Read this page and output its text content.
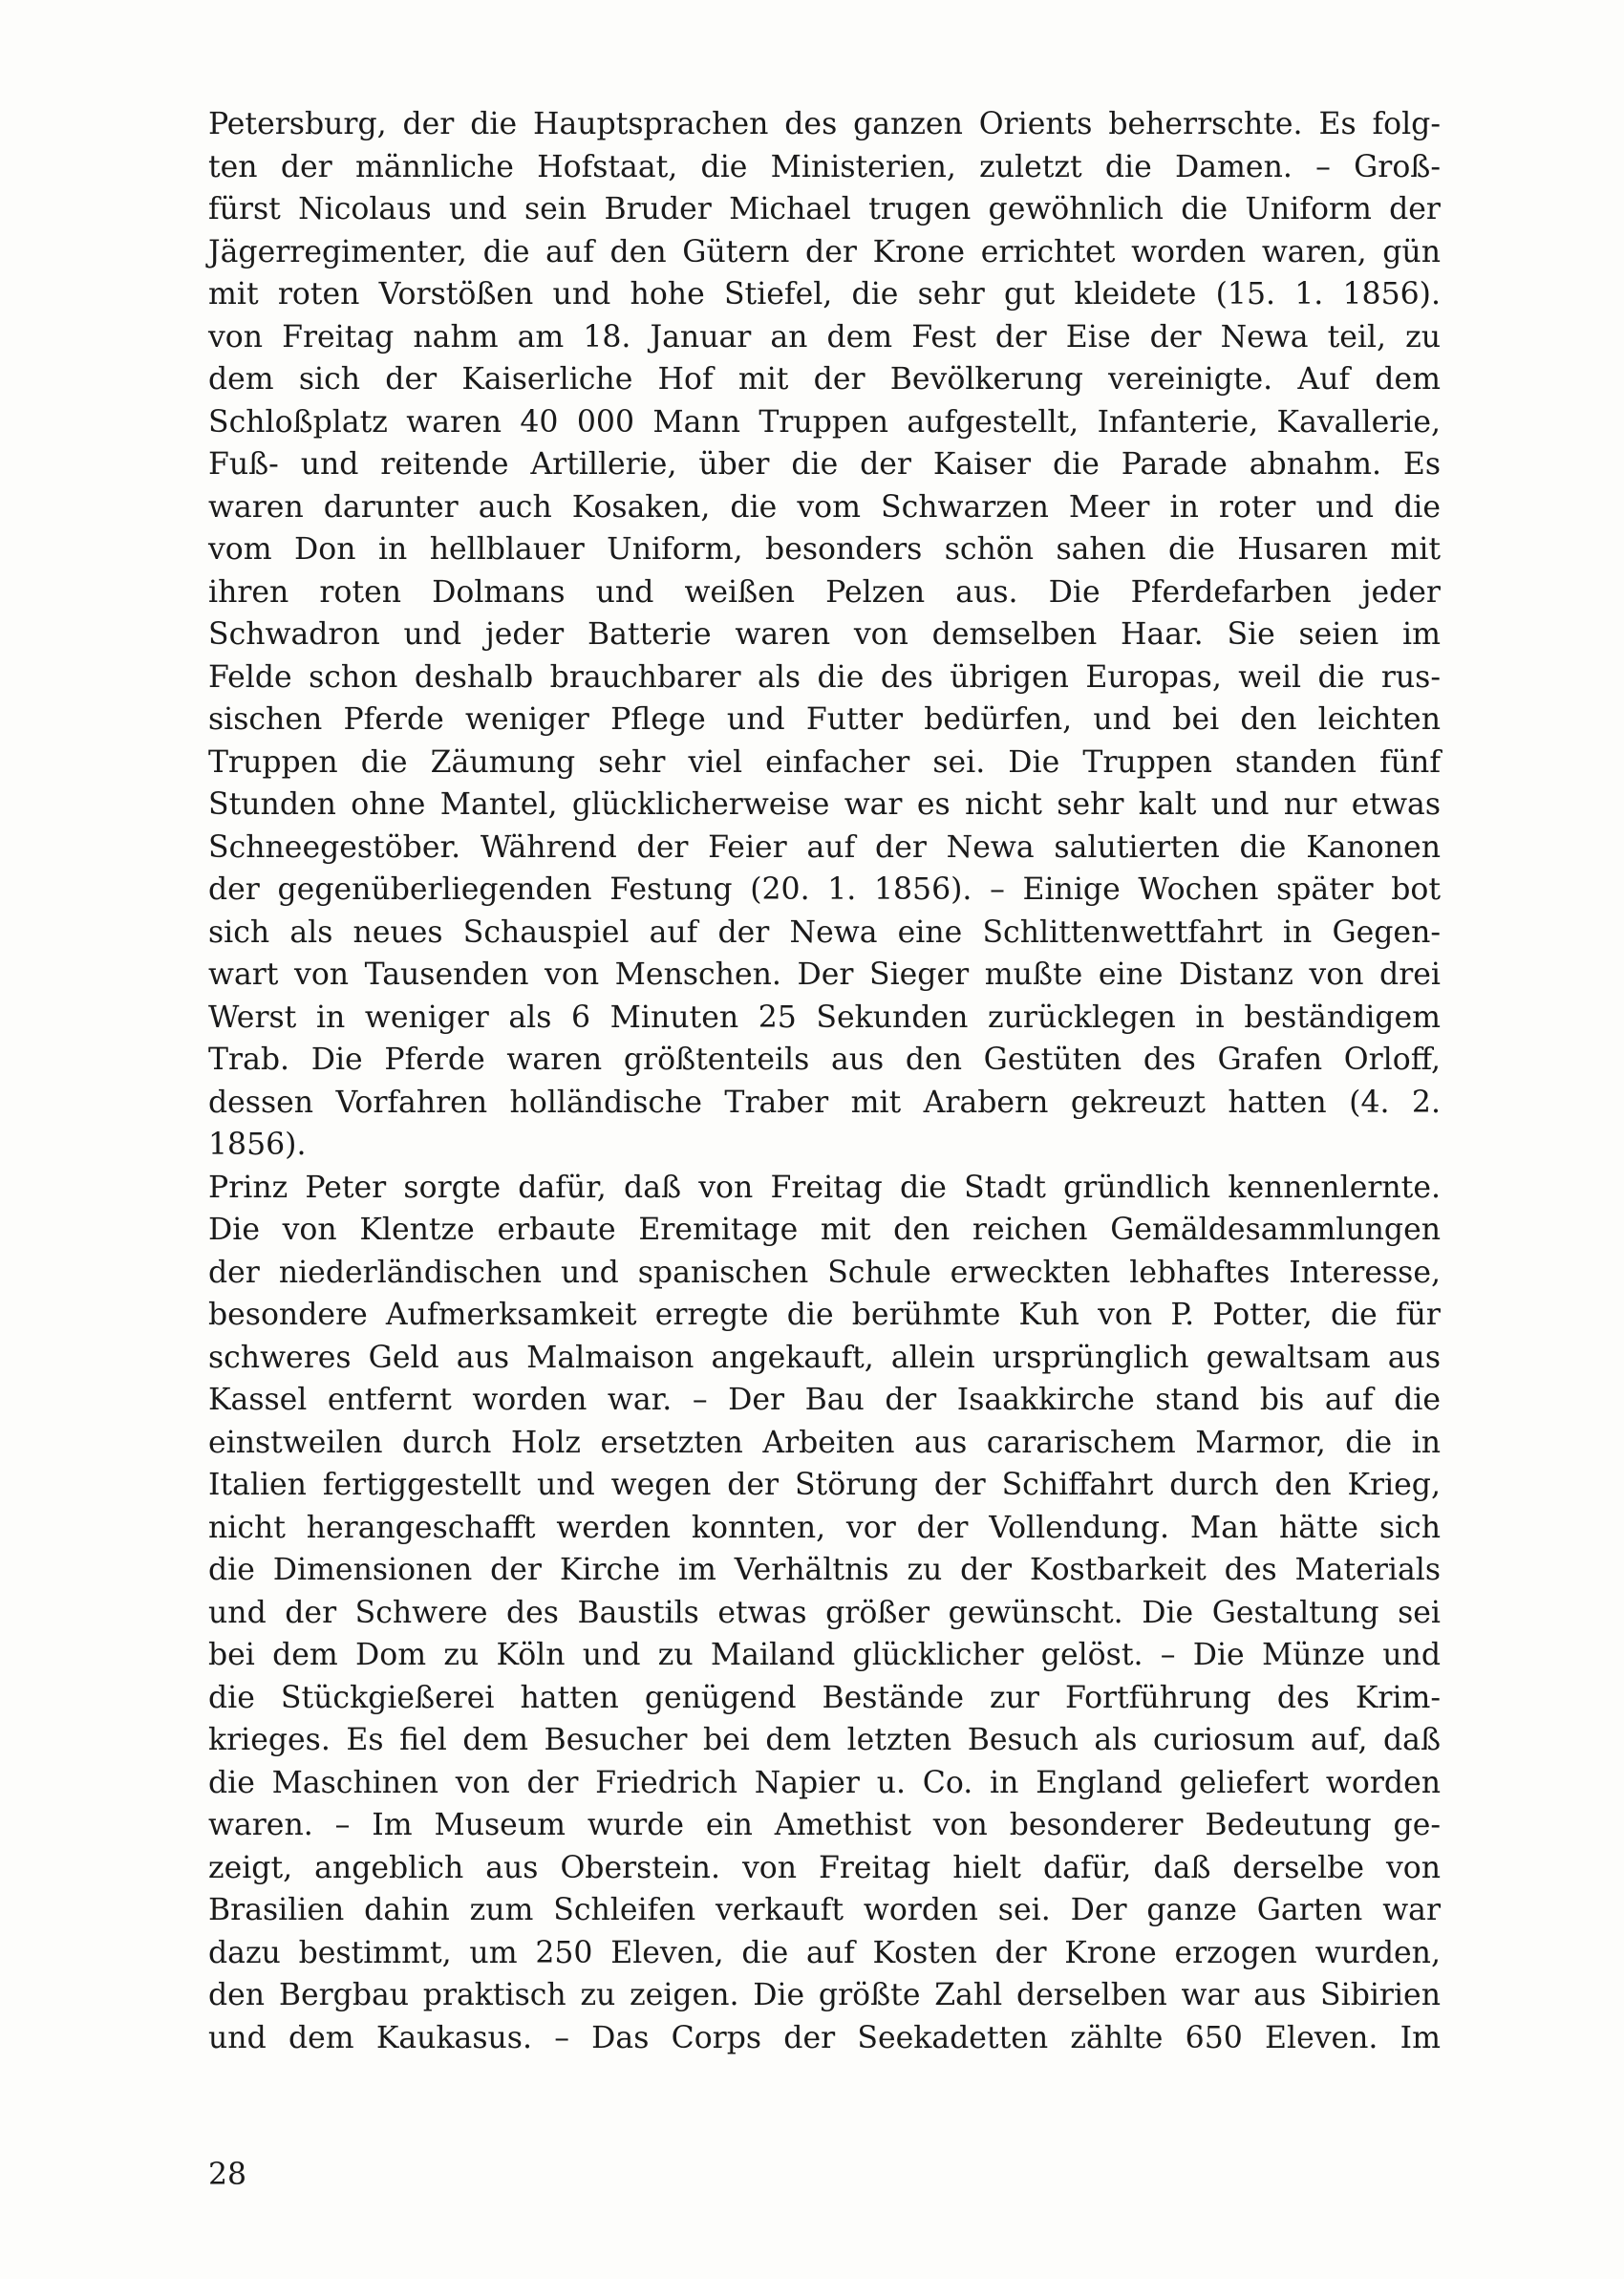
Petersburg, der die Hauptsprachen des ganzen Orients beherrschte. Es folg-
ten der männliche Hofstaat, die Ministerien, zuletzt die Damen. – Groß-
fürst Nicolaus und sein Bruder Michael trugen gewöhnlich die Uniform der
Jägerregimenter, die auf den Gütern der Krone errichtet worden waren, gün
mit roten Vorstößen und hohe Stiefel, die sehr gut kleidete (15. 1. 1856).
von Freitag nahm am 18. Januar an dem Fest der Eise der Newa teil, zu
dem sich der Kaiserliche Hof mit der Bevölkerung vereinigte. Auf dem
Schloßplatz waren 40 000 Mann Truppen aufgestellt, Infanterie, Kavallerie,
Fuß- und reitende Artillerie, über die der Kaiser die Parade abnahm. Es
waren darunter auch Kosaken, die vom Schwarzen Meer in roter und die
vom Don in hellblauer Uniform, besonders schön sahen die Husaren mit
ihren roten Dolmans und weißen Pelzen aus. Die Pferdefarben jeder
Schwadron und jeder Batterie waren von demselben Haar. Sie seien im
Felde schon deshalb brauchbarer als die des übrigen Europas, weil die rus-
sischen Pferde weniger Pflege und Futter bedürfen, und bei den leichten
Truppen die Zäumung sehr viel einfacher sei. Die Truppen standen fünf
Stunden ohne Mantel, glücklicherweise war es nicht sehr kalt und nur etwas
Schneegestöber. Während der Feier auf der Newa salutierten die Kanonen
der gegenüberliegenden Festung (20. 1. 1856). – Einige Wochen später bot
sich als neues Schauspiel auf der Newa eine Schlittenwettfahrt in Gegen-
wart von Tausenden von Menschen. Der Sieger mußte eine Distanz von drei
Werst in weniger als 6 Minuten 25 Sekunden zurücklegen in beständigem
Trab. Die Pferde waren größtenteils aus den Gestüten des Grafen Orloff,
dessen Vorfahren holländische Traber mit Arabern gekreuzt hatten (4. 2.
1856).
Prinz Peter sorgte dafür, daß von Freitag die Stadt gründlich kennenlernte.
Die von Klentze erbaute Eremitage mit den reichen Gemäldesammlungen
der niederländischen und spanischen Schule erweckten lebhaftes Interesse,
besondere Aufmerksamkeit erregte die berühmte Kuh von P. Potter, die für
schweres Geld aus Malmaison angekauft, allein ursprünglich gewaltsam aus
Kassel entfernt worden war. – Der Bau der Isaakkirche stand bis auf die
einstweilen durch Holz ersetzten Arbeiten aus cararischem Marmor, die in
Italien fertiggestellt und wegen der Störung der Schiffahrt durch den Krieg,
nicht herangeschafft werden konnten, vor der Vollendung. Man hätte sich
die Dimensionen der Kirche im Verhältnis zu der Kostbarkeit des Materials
und der Schwere des Baustils etwas größer gewünscht. Die Gestaltung sei
bei dem Dom zu Köln und zu Mailand glücklicher gelöst. – Die Münze und
die Stückgießerei hatten genügend Bestände zur Fortführung des Krim-
krieges. Es fiel dem Besucher bei dem letzten Besuch als curiosum auf, daß
die Maschinen von der Friedrich Napier u. Co. in England geliefert worden
waren. – Im Museum wurde ein Amethist von besonderer Bedeutung ge-
zeigt, angeblich aus Oberstein. von Freitag hielt dafür, daß derselbe von
Brasilien dahin zum Schleifen verkauft worden sei. Der ganze Garten war
dazu bestimmt, um 250 Eleven, die auf Kosten der Krone erzogen wurden,
den Bergbau praktisch zu zeigen. Die größte Zahl derselben war aus Sibirien
und dem Kaukasus. – Das Corps der Seekadetten zählte 650 Eleven. Im
28
